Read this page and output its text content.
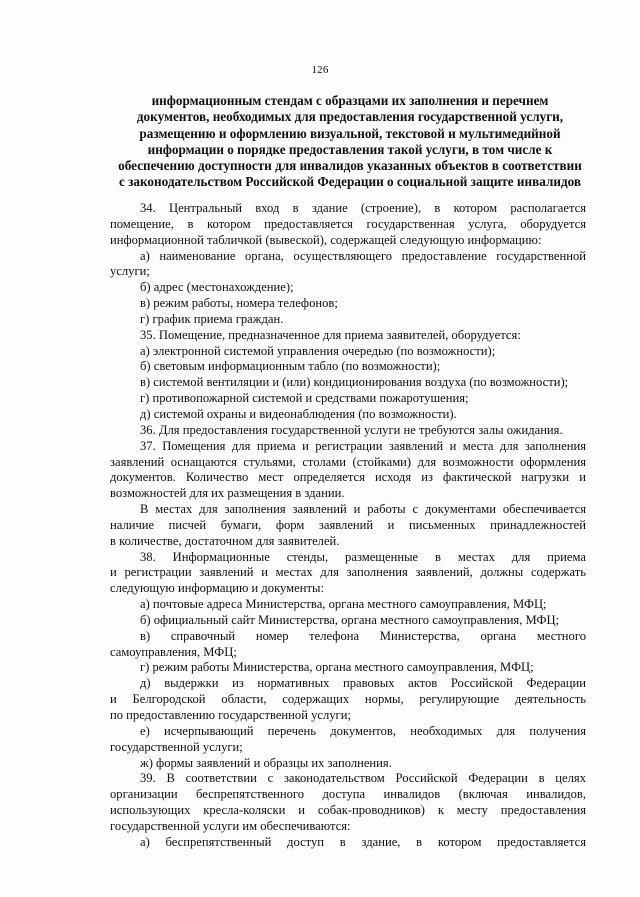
126
информационным стендам с образцами их заполнения и перечнем
документов, необходимых для предоставления государственной услуги,
размещению и оформлению визуальной, текстовой и мультимедийной
информации о порядке предоставления такой услуги, в том числе к
обеспечению доступности для инвалидов указанных объектов в соответствии
с законодательством Российской Федерации о социальной защите инвалидов
34. Центральный вход в здание (строение), в котором располагается
помещение, в котором предоставляется государственная услуга, оборудуется
информационной табличкой (вывеской), содержащей следующую информацию:
а) наименование органа, осуществляющего предоставление государственной
услуги;
б) адрес (местонахождение);
в) режим работы, номера телефонов;
г) график приема граждан.
35. Помещение, предназначенное для приема заявителей, оборудуется:
а) электронной системой управления очередью (по возможности);
б) световым информационным табло (по возможности);
в) системой вентиляции и (или) кондиционирования воздуха (по возможности);
г) противопожарной системой и средствами пожаротушения;
д) системой охраны и видеонаблюдения (по возможности).
36. Для предоставления государственной услуги не требуются залы ожидания.
37. Помещения для приема и регистрации заявлений и места для заполнения
заявлений оснащаются стульями, столами (стойками) для возможности оформления
документов. Количество мест определяется исходя из фактической нагрузки и
возможностей для их размещения в здании.
В местах для заполнения заявлений и работы с документами обеспечивается
наличие писчей бумаги, форм заявлений и письменных принадлежностей
в количестве, достаточном для заявителей.
38. Информационные стенды, размещенные в местах для приема
и регистрации заявлений и местах для заполнения заявлений, должны содержать
следующую информацию и документы:
а) почтовые адреса Министерства, органа местного самоуправления, МФЦ;
б) официальный сайт Министерства, органа местного самоуправления, МФЦ;
в) справочный номер телефона Министерства, органа местного
самоуправления, МФЦ;
г) режим работы Министерства, органа местного самоуправления, МФЦ;
д) выдержки из нормативных правовых актов Российской Федерации
и Белгородской области, содержащих нормы, регулирующие деятельность
по предоставлению государственной услуги;
е) исчерпывающий перечень документов, необходимых для получения
государственной услуги;
ж) формы заявлений и образцы их заполнения.
39. В соответствии с законодательством Российской Федерации в целях
организации беспрепятственного доступа инвалидов (включая инвалидов,
использующих кресла-коляски и собак-проводников) к месту предоставления
государственной услуги им обеспечиваются:
а) беспрепятственный доступ в здание, в котором предоставляется
